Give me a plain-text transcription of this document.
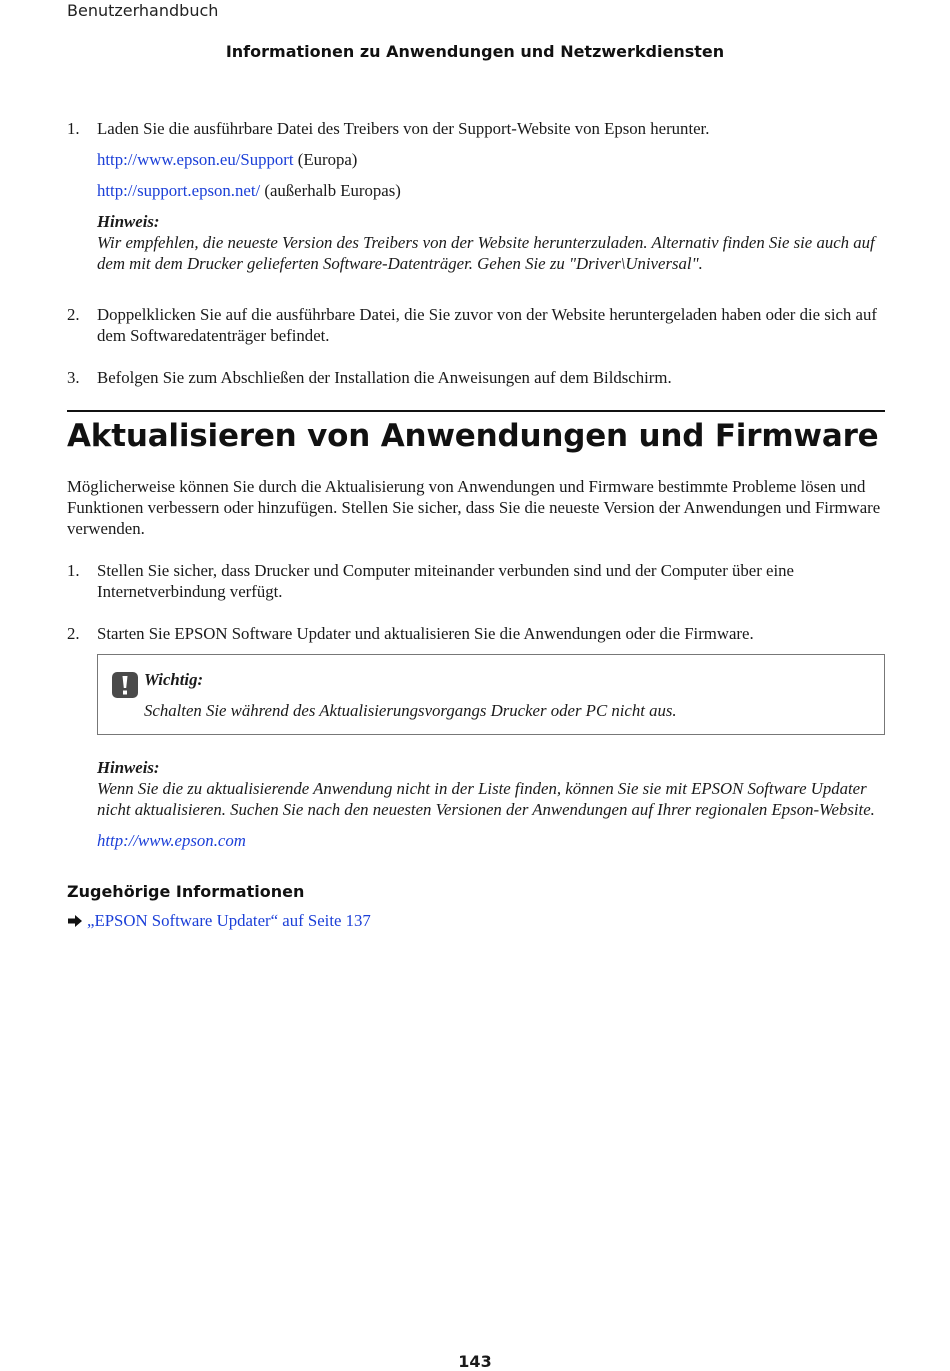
Benutzerhandbuch
Informationen zu Anwendungen und Netzwerkdiensten
1. Laden Sie die ausführbare Datei des Treibers von der Support-Website von Epson herunter.

http://www.epson.eu/Support (Europa)

http://support.epson.net/ (außerhalb Europas)

Hinweis:
Wir empfehlen, die neueste Version des Treibers von der Website herunterzuladen. Alternativ finden Sie sie auch auf dem mit dem Drucker gelieferten Software-Datenträger. Gehen Sie zu "Driver\Universal".
2. Doppelklicken Sie auf die ausführbare Datei, die Sie zuvor von der Website heruntergeladen haben oder die sich auf dem Softwaredatenträger befindet.

3. Befolgen Sie zum Abschließen der Installation die Anweisungen auf dem Bildschirm.

Aktualisieren von Anwendungen und Firmware

Möglicherweise können Sie durch die Aktualisierung von Anwendungen und Firmware bestimmte Probleme lösen und Funktionen verbessern oder hinzufügen. Stellen Sie sicher, dass Sie die neueste Version der Anwendungen und Firmware verwenden.

1. Stellen Sie sicher, dass Drucker und Computer miteinander verbunden sind und der Computer über eine Internetverbindung verfügt.

2. Starten Sie EPSON Software Updater und aktualisieren Sie die Anwendungen oder die Firmware.

Wichtig:
Schalten Sie während des Aktualisierungsvorgangs Drucker oder PC nicht aus.
Hinweis:
Wenn Sie die zu aktualisierende Anwendung nicht in der Liste finden, können Sie sie mit EPSON Software Updater nicht aktualisieren. Suchen Sie nach den neuesten Versionen der Anwendungen auf Ihrer regionalen Epson-Website.

http://www.epson.com

Zugehörige Informationen
„EPSON Software Updater“ auf Seite 137
143
